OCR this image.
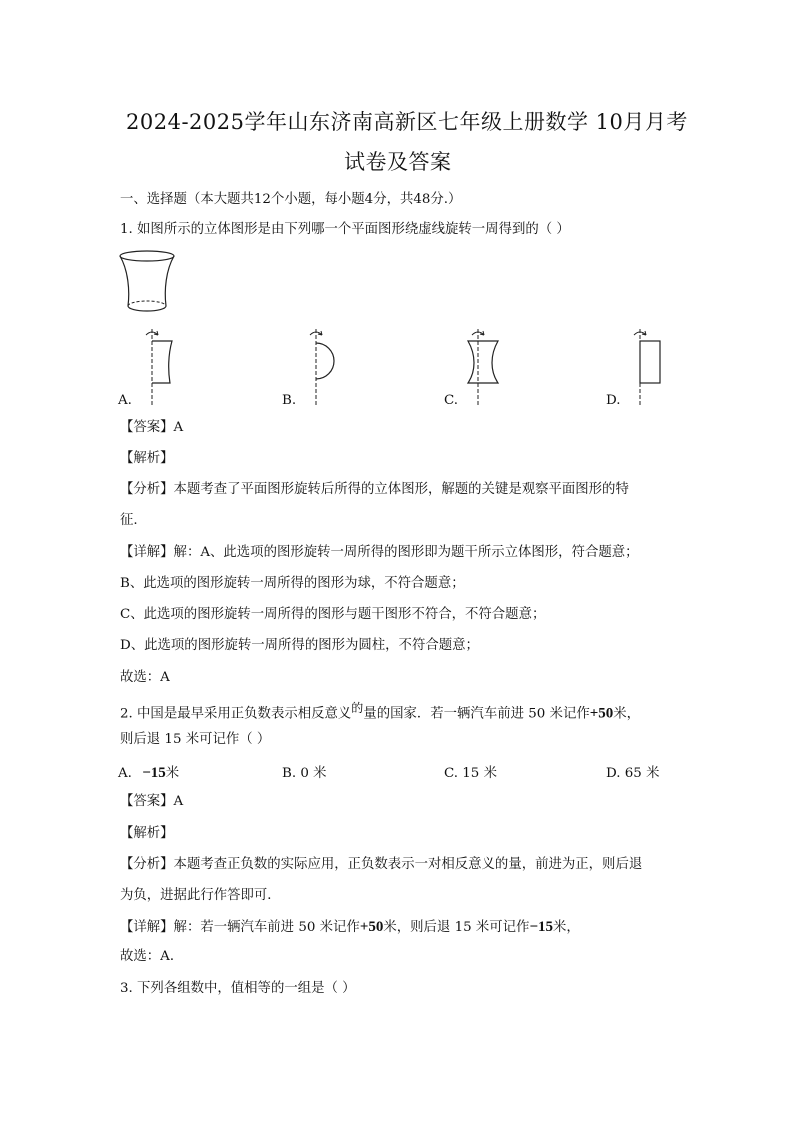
2024-2025学年山东济南高新区七年级上册数学 10月月考
试卷及答案
一、选择题（本大题共12个小题，每小题4分，共48分.）
1. 如图所示的立体图形是由下列哪一个平面图形绕虚线旋转一周得到的（ ）
A.	B.	C.	D.
【答案】A
【解析】
【分析】本题考查了平面图形旋转后所得的立体图形，解题的关键是观察平面图形的特
征.
【详解】解：A、此选项的图形旋转一周所得的图形即为题干所示立体图形，符合题意；
B、此选项的图形旋转一周所得的图形为球，不符合题意；
C、此选项的图形旋转一周所得的图形与题干图形不符合，不符合题意；
D、此选项的图形旋转一周所得的图形为圆柱，不符合题意；
故选：A
2. 中国是最早采用正负数表示相反意义$^的$量的国家．若一辆汽车前进 50 米记作+50米，
则后退 15 米可记作（ ）
A. −15米	B. 0 米	C. 15 米	D. 65 米
【答案】A
【解析】
【分析】本题考查正负数的实际应用，正负数表示一对相反意义的量，前进为正，则后退
为负，进据此行作答即可．
【详解】解：若一辆汽车前进 50 米记作+50米，则后退 15 米可记作−15米，
故选：A．
3. 下列各组数中，值相等的一组是（ ）
